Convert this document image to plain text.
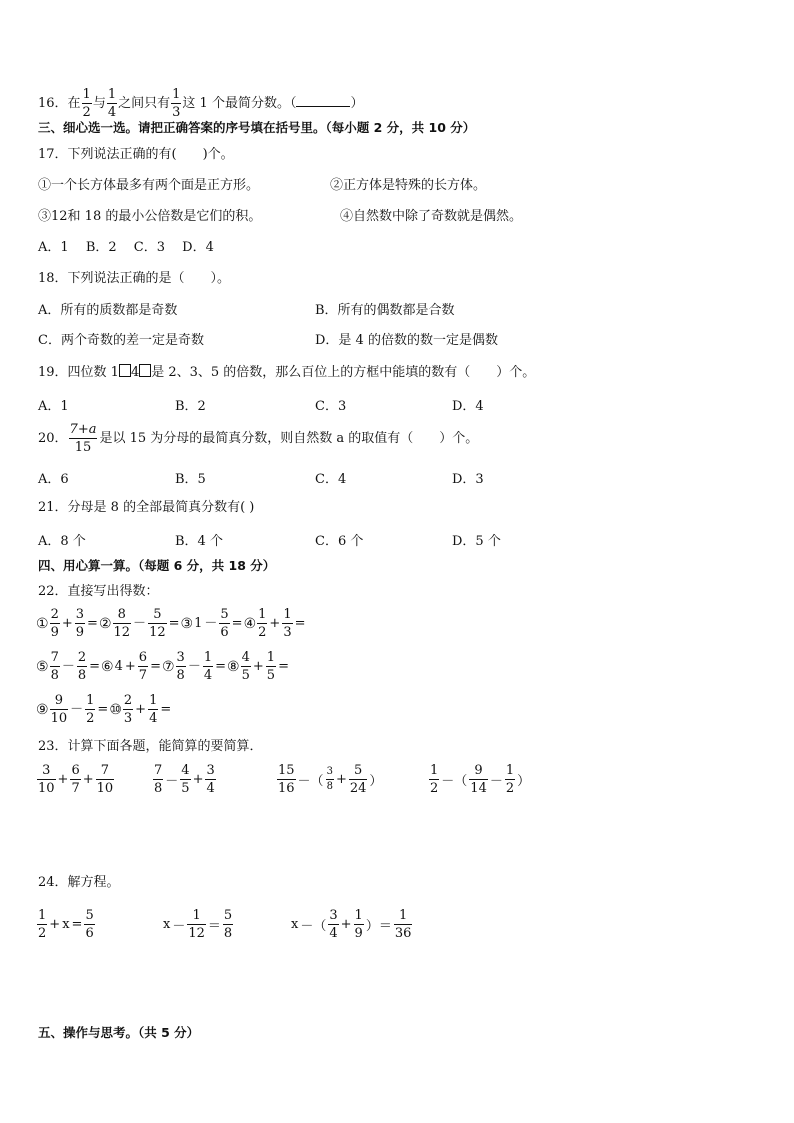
16．在 $\frac{1}{2}$ 与 $\frac{1}{4}$ 之间只有 $\frac{1}{3}$ 这 1 个最简分数。（	）
三、细心选一选。请把正确答案的序号填在括号里。（每小题 2 分，共 10 分）
17．下列说法正确的有(　　)个。
①一个长方体最多有两个面是正方形。	②正方体是特殊的长方体。
③12和 18 的最小公倍数是它们的积。	④自然数中除了奇数就是偶然。
A．1　 B．2　 C．3　 D．4
18．下列说法正确的是（　　）。
A．所有的质数都是奇数	B．所有的偶数都是合数
C．两个奇数的差一定是奇数	D．是 4 的倍数的数一定是偶数
19．四位数 1 4 是 2、3、5 的倍数，那么百位上的方框中能填的数有（　　）个。
A．1	B．2	C．3	D．4
20． $\frac{7+a}{15}$ 是以 15 为分母的最简真分数，则自然数 a 的取值有（　　）个。
A．6	B．5	C．4	D．3
21．分母是 8 的全部最简真分数有( )
A．8 个	B．4 个	C．6 个	D．5 个
四、用心算一算。（每题 6 分，共 18 分）
22．直接写出得数：
① $\frac{2}{9} + \frac{3}{9}$ =② $\frac{8}{12} - \frac{5}{12}$ =③1 － $\frac{5}{6}$ =④ $\frac{1}{2} + \frac{1}{3}$ =
⑤ $\frac{7}{8} - \frac{2}{8}$ =⑥4 + $\frac{6}{7}$ =⑦ $\frac{3}{8} - \frac{1}{4}$ =⑧ $\frac{4}{5} + \frac{1}{5}$ =
⑨ $\frac{9}{10} - \frac{1}{2}$ =⑩ $\frac{2}{3} + \frac{1}{4}$ =
23．计算下面各题，能简算的要简算．
$\frac{3}{10} + \frac{6}{7} + \frac{7}{10}$	$\frac{7}{8} - \frac{4}{5} + \frac{3}{4}$	$\frac{15}{16}$ －（ $\frac{3}{8} + \frac{5}{24}$ ）	$\frac{1}{2}$ －（ $\frac{9}{14} - \frac{1}{2}$ ）
24．解方程。
$\frac{1}{2} + x = \frac{5}{6}$	$x - \frac{1}{12} = \frac{5}{8}$	x －（ $\frac{3}{4} + \frac{1}{9}$ ）＝ $\frac{1}{36}$
五、操作与思考。（共 5 分）
